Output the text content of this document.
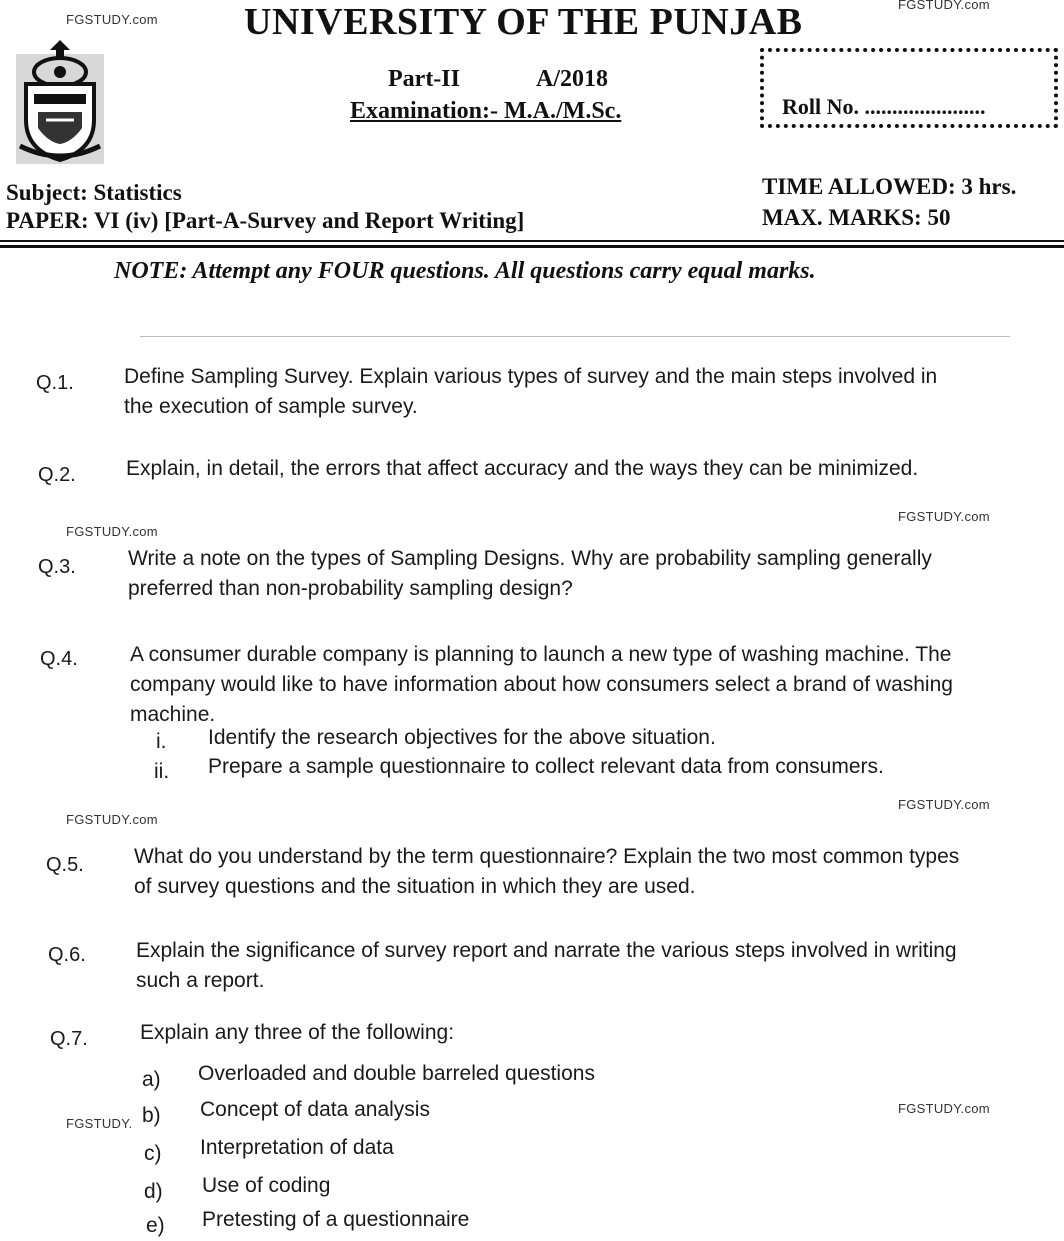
FGSTUDY.com
FGSTUDY.com
FGSTUDY.com
FGSTUDY.com
FGSTUDY.com
FGSTUDY.com
FGSTUDY.
FGSTUDY.com
UNIVERSITY OF THE PUNJAB
Part-II	A/2018
Examination:- M.A./M.Sc.	Roll No. ......................
Subject: Statistics
PAPER: VI (iv) [Part-A-Survey and Report Writing]
TIME ALLOWED: 3 hrs.
MAX. MARKS: 50
NOTE: Attempt any FOUR questions. All questions carry equal marks.
Q.1. Define Sampling Survey. Explain various types of survey and the main steps involved in the execution of sample survey.
Q.2. Explain, in detail, the errors that affect accuracy and the ways they can be minimized.
Q.3. Write a note on the types of Sampling Designs. Why are probability sampling generally preferred than non-probability sampling design?
Q.4. A consumer durable company is planning to launch a new type of washing machine. The company would like to have information about how consumers select a brand of washing machine.
i. Identify the research objectives for the above situation.
ii. Prepare a sample questionnaire to collect relevant data from consumers.
Q.5. What do you understand by the term questionnaire? Explain the two most common types of survey questions and the situation in which they are used.
Q.6. Explain the significance of survey report and narrate the various steps involved in writing such a report.
Q.7. Explain any three of the following:
a) Overloaded and double barreled questions
b) Concept of data analysis
c) Interpretation of data
d) Use of coding
e) Pretesting of a questionnaire
